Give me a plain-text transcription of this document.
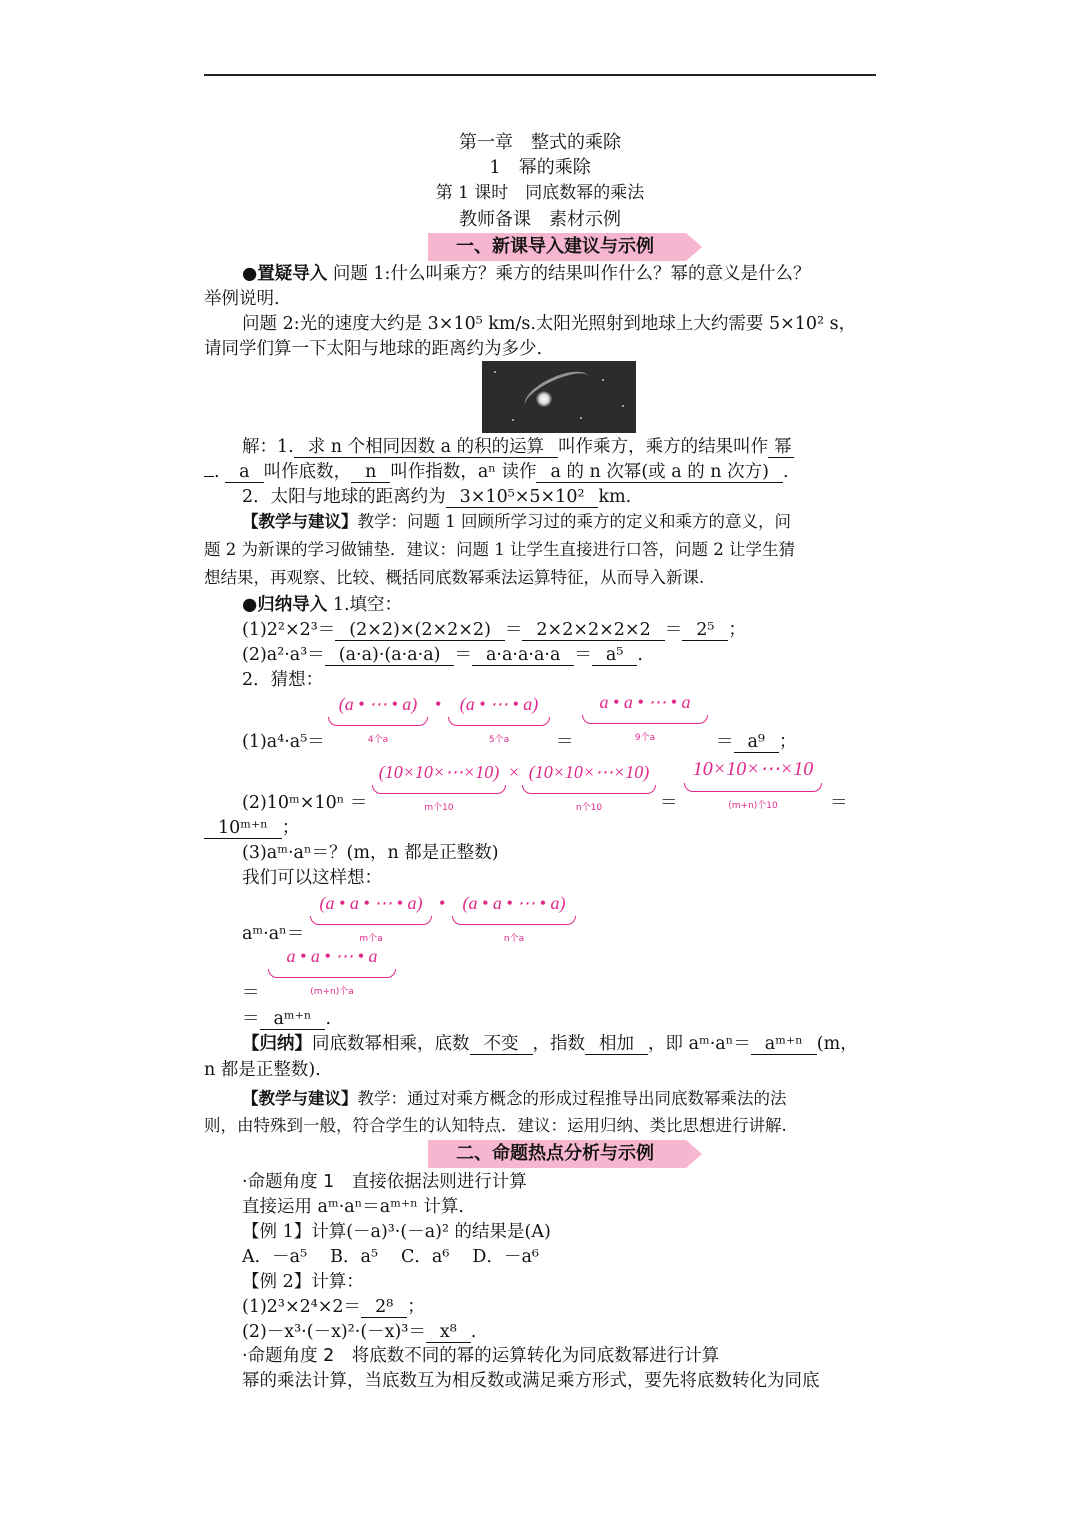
第一章　整式的乘除
1　幂的乘除
第 1 课时　同底数幂的乘法
教师备课　素材示例
一、新课导入建议与示例
●置疑导入 问题 1:什么叫乘方？乘方的结果叫作什么？幂的意义是什么？
举例说明.
问题 2:光的速度大约是 3×10⁵ km/s.太阳光照射到地球上大约需要 5×10² s，
请同学们算一下太阳与地球的距离约为多少.
解：1. 求 n 个相同因数 a 的积的运算 叫作乘方，乘方的结果叫作 幂
. a 叫作底数， n 叫作指数，aⁿ 读作 a 的 n 次幂(或 a 的 n 次方) .
2．太阳与地球的距离约为 3×10⁵×5×10² km.
【教学与建议】教学：问题 1 回顾所学习过的乘方的定义和乘方的意义，问
题 2 为新课的学习做铺垫．建议：问题 1 让学生直接进行口答，问题 2 让学生猜
想结果，再观察、比较、概括同底数幂乘法运算特征，从而导入新课.
●归纳导入 1.填空：
(1)2²×2³＝ (2×2)×(2×2×2) ＝ 2×2×2×2×2 ＝ 2⁵ ；
(2)a²·a³＝ (a·a)·(a·a·a) ＝ a·a·a·a·a ＝ a⁵ .
2．猜想：
(a • ⋯ • a)
4个a
•	(a • ⋯ • a)
5个a
a • a • ⋯ • a
9个a
(1)a⁴·a⁵＝	＝	＝ a⁹ ；
(10×10×⋯×10)
m个10
× (10×10×⋯×10)
n个10
10×10×⋯×10
(m+n)个10
(2)10ᵐ×10ⁿ ＝	＝	＝
10ᵐ⁺ⁿ ；
(3)aᵐ·aⁿ＝？(m，n 都是正整数)
我们可以这样想：
(a • a • ⋯ • a)
m个a
• (a • a • ⋯ • a)
n个a
aᵐ·aⁿ＝
a • a • ⋯ • a
(m+n)个a
＝
＝ aᵐ⁺ⁿ .
【归纳】同底数幂相乘，底数 不变 ，指数 相加 ，即 aᵐ·aⁿ＝ aᵐ⁺ⁿ (m，
n 都是正整数).
【教学与建议】教学：通过对乘方概念的形成过程推导出同底数幂乘法的法
则，由特殊到一般，符合学生的认知特点．建议：运用归纳、类比思想进行讲解.
二、命题热点分析与示例
·命题角度 1　直接依据法则进行计算
直接运用 aᵐ·aⁿ＝aᵐ⁺ⁿ 计算.
【例 1】计算(－a)³·(－a)² 的结果是(A)
A．－a⁵　 B．a⁵　 C．a⁶　 D．－a⁶
【例 2】计算：
(1)2³×2⁴×2＝ 2⁸ ；
(2)－x³·(－x)²·(－x)³＝ x⁸ .
·命题角度 2　将底数不同的幂的运算转化为同底数幂进行计算
幂的乘法计算，当底数互为相反数或满足乘方形式，要先将底数转化为同底
